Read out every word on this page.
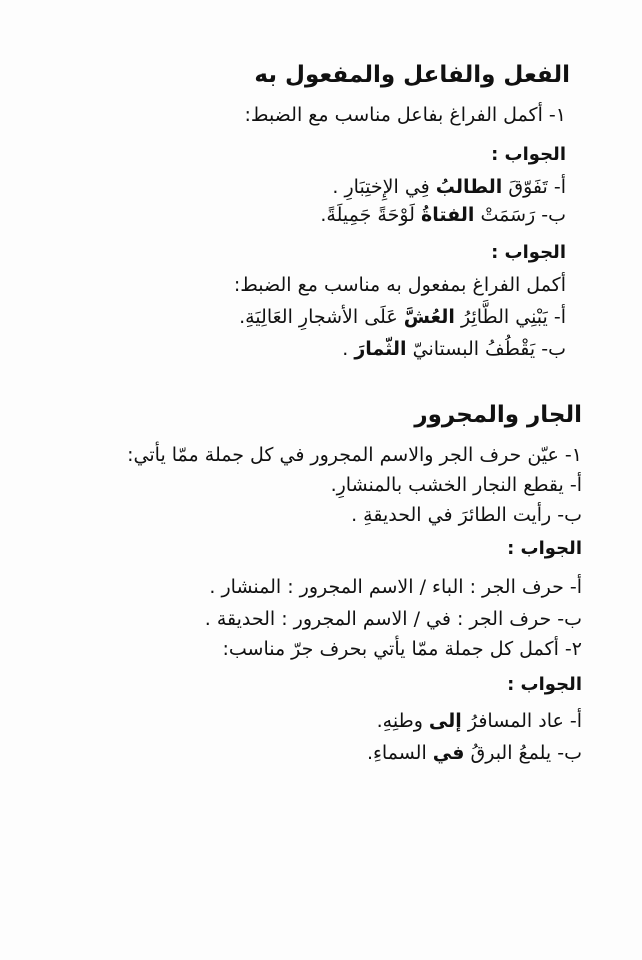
الفعل والفاعل والمفعول به
١- أكمل الفراغ بفاعل مناسب مع الضبط:
الجواب :
أ- تَفَوّقَ الطالبُ فِي الإِختِبَارِ .
ب- رَسَمَتْ الفتاةُ لَوْحَةً جَمِيلَةً.
الجواب :
أكمل الفراغ بمفعول به مناسب مع الضبط:
أ- يَبْنِي الطَّائِرُ العُشَّ عَلَى الأشجارِ العَالِيَةِ.
ب- يَقْطُفُ البستانيّ الثّمارَ .
الجار والمجرور
١- عيّن حرف الجر والاسم المجرور في كل جملة ممّا يأتي:
أ- يقطع النجار الخشب بالمنشارِ.
ب- رأيت الطائرَ في الحديقةِ .
الجواب :
أ- حرف الجر : الباء / الاسم المجرور : المنشار .
ب- حرف الجر : في / الاسم المجرور : الحديقة .
٢- أكمل كل جملة ممّا يأتي بحرف جرّ مناسب:
الجواب :
أ- عاد المسافرُ إلى وطنِهِ.
ب- يلمعُ البرقُ في السماءِ.
